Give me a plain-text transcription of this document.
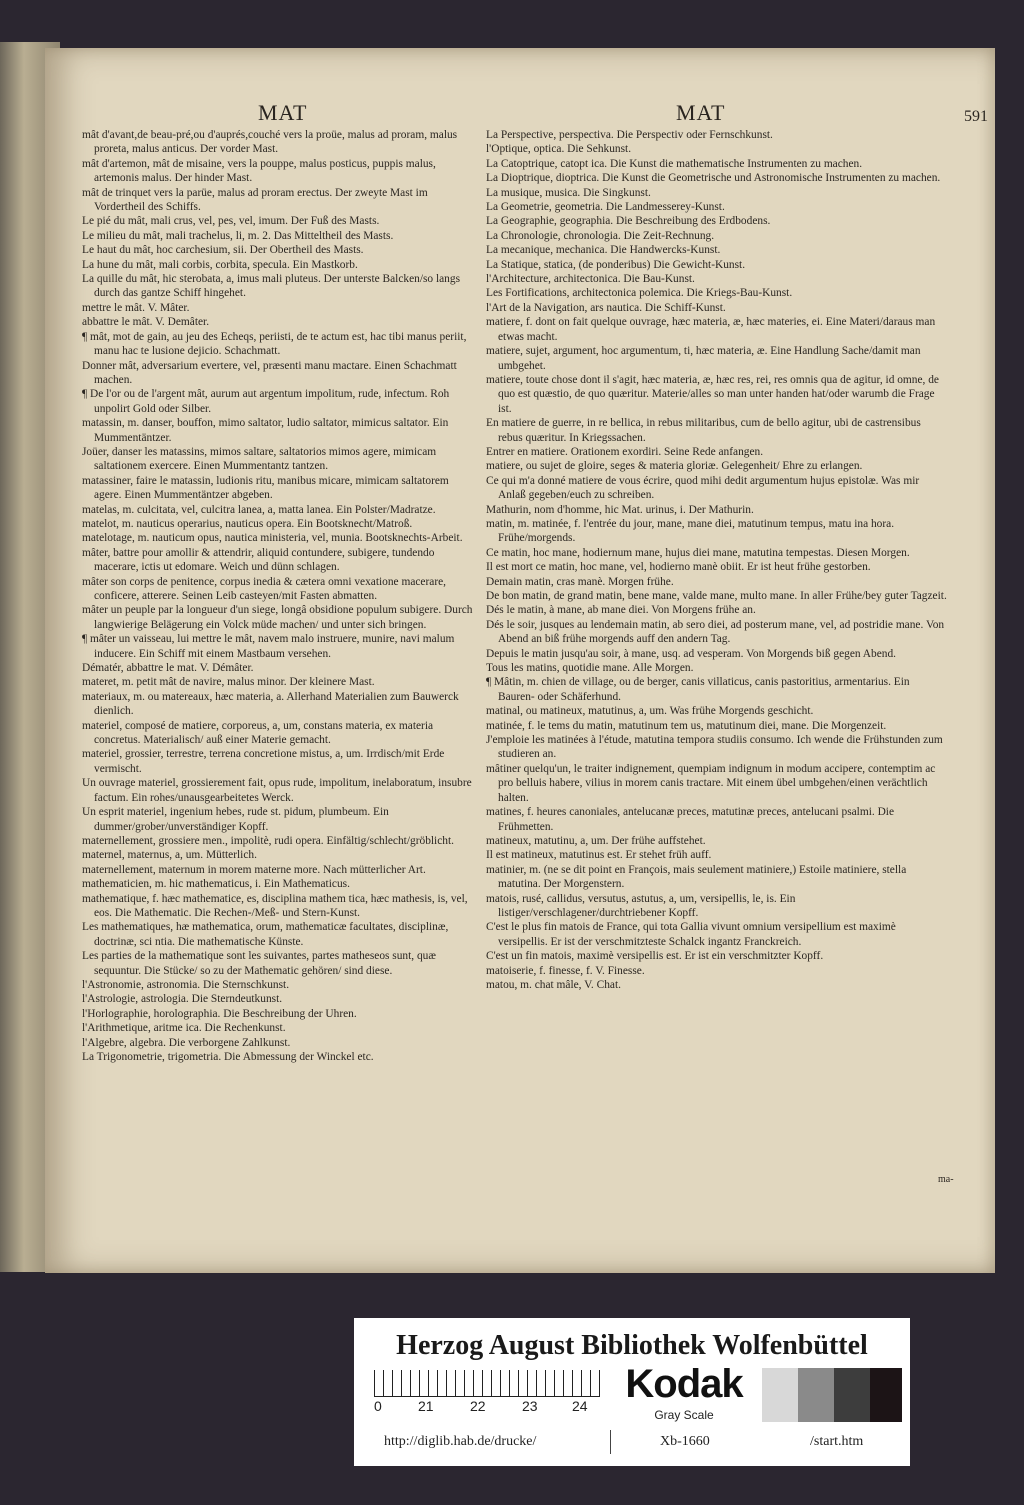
MAT	MAT	591

mât d'avant,de beau-pré,ou d'auprés,couché vers la proüe, malus ad proram, malus proreta, malus anticus. Der vorder Mast.

mât d'artemon, mât de misaine, vers la pouppe, malus posticus, puppis malus, artemonis malus. Der hinder Mast.

mât de trinquet vers la parüe, malus ad proram erectus. Der zweyte Mast im Vordertheil des Schiffs.

Le pié du mât, mali crus, vel, pes, vel, imum. Der Fuß des Masts.

Le milieu du mât, mali trachelus, li, m. 2. Das Mitteltheil des Masts.

Le haut du mât, hoc carchesium, sii. Der Obertheil des Masts.

La hune du mât, mali corbis, corbita, specula. Ein Mastkorb.

La quille du mât, hic sterobata, a, imus mali pluteus. Der unterste Balcken/so langs durch das gantze Schiff hingehet.

mettre le mât. V. Mâter.

abbattre le mât. V. Demâter.

¶ mât, mot de gain, au jeu des Echeqs, periisti, de te actum est, hac tibi manus periit, manu hac te lusione dejicio. Schachmatt.

Donner mât, adversarium evertere, vel, præsenti manu mactare. Einen Schachmatt machen.

¶ De l'or ou de l'argent mât, aurum aut argentum impolitum, rude, infectum. Roh unpolirt Gold oder Silber.

matassin, m. danser, bouffon, mimo saltator, ludio saltator, mimicus saltator. Ein Mummentäntzer.

Joüer, danser les matassins, mimos saltare, saltatorios mimos agere, mimicam saltationem exercere. Einen Mummentantz tantzen.

matassiner, faire le matassin, ludionis ritu, manibus micare, mimicam saltatorem agere. Einen Mummentäntzer abgeben.

matelas, m. culcitata, vel, culcitra lanea, a, matta lanea. Ein Polster/Madratze.

matelot, m. nauticus operarius, nauticus opera. Ein Bootsknecht/Matroß.

matelotage, m. nauticum opus, nautica ministeria, vel, munia. Bootsknechts-Arbeit.

mâter, battre pour amollir & attendrir, aliquid contundere, subigere, tundendo macerare, ictis ut edomare. Weich und dünn schlagen.

mâter son corps de penitence, corpus inedia & cætera omni vexatione macerare, conficere, atterere. Seinen Leib casteyen/mit Fasten abmatten.

mâter un peuple par la longueur d'un siege, longâ obsidione populum subigere. Durch langwierige Belägerung ein Volck müde machen/ und unter sich bringen.

¶ mâter un vaisseau, lui mettre le mât, navem malo instruere, munire, navi malum inducere. Ein Schiff mit einem Mastbaum versehen.

Dématér, abbattre le mat. V. Démâter.

materet, m. petit mât de navire, malus minor. Der kleinere Mast.

materiaux, m. ou matereaux, hæc materia, a. Allerhand Materialien zum Bauwerck dienlich.

materiel, composé de matiere, corporeus, a, um, constans materia, ex materia concretus. Materialisch/ auß einer Materie gemacht.

materiel, grossier, terrestre, terrena concretione mistus, a, um. Irrdisch/mit Erde vermischt.

Un ouvrage materiel, grossierement fait, opus rude, impolitum, inelaboratum, insubre factum. Ein rohes/unausgearbeitetes Werck.

Un esprit materiel, ingenium hebes, rude st. pidum, plumbeum. Ein dummer/grober/unverständiger Kopff.

maternellement, grossiere men., impolitè, rudi opera. Einfältig/schlecht/gröblicht.

maternel, maternus, a, um. Mütterlich.

maternellement, maternum in morem materne more. Nach mütterlicher Art.

mathematicien, m. hic mathematicus, i. Ein Mathematicus.

mathematique, f. hæc mathematice, es, disciplina mathem tica, hæc mathesis, is, vel, eos. Die Mathematic. Die Rechen-/Meß- und Stern-Kunst.

Les mathematiques, hæ mathematica, orum, mathematicæ facultates, disciplinæ, doctrinæ, sci ntia. Die mathematische Künste.

Les parties de la mathematique sont les suivantes, partes matheseos sunt, quæ sequuntur. Die Stücke/ so zu der Mathematic gehören/ sind diese.

l'Astronomie, astronomia. Die Sternschkunst.

l'Astrologie, astrologia. Die Sterndeutkunst.

l'Horlographie, horolographia. Die Beschreibung der Uhren.

l'Arithmetique, aritme ica. Die Rechenkunst.

l'Algebre, algebra. Die verborgene Zahlkunst.

La Trigonometrie, trigometria. Die Abmessung der Winckel etc.

La Perspective, perspectiva. Die Perspectiv oder Fernschkunst.

l'Optique, optica. Die Sehkunst.

La Catoptrique, catopt ica. Die Kunst die mathematische Instrumenten zu machen.

La Dioptrique, dioptrica. Die Kunst die Geometrische und Astronomische Instrumenten zu machen.

La musique, musica. Die Singkunst.

La Geometrie, geometria. Die Landmesserey-Kunst.

La Geographie, geographia. Die Beschreibung des Erdbodens.

La Chronologie, chronologia. Die Zeit-Rechnung.

La mecanique, mechanica. Die Handwercks-Kunst.

La Statique, statica, (de ponderibus) Die Gewicht-Kunst.

l'Architecture, architectonica. Die Bau-Kunst.

Les Fortifications, architectonica polemica. Die Kriegs-Bau-Kunst.

l'Art de la Navigation, ars nautica. Die Schiff-Kunst.

matiere, f. dont on fait quelque ouvrage, hæc materia, æ, hæc materies, ei. Eine Materi/daraus man etwas macht.

matiere, sujet, argument, hoc argumentum, ti, hæc materia, æ. Eine Handlung Sache/damit man umbgehet.

matiere, toute chose dont il s'agit, hæc materia, æ, hæc res, rei, res omnis qua de agitur, id omne, de quo est quæstio, de quo quæritur. Materie/alles so man unter handen hat/oder warumb die Frage ist.

En matiere de guerre, in re bellica, in rebus militaribus, cum de bello agitur, ubi de castrensibus rebus quæritur. In Kriegssachen.

Entrer en matiere. Orationem exordiri. Seine Rede anfangen.

matiere, ou sujet de gloire, seges & materia gloriæ. Gelegenheit/ Ehre zu erlangen.

Ce qui m'a donné matiere de vous écrire, quod mihi dedit argumentum hujus epistolæ. Was mir Anlaß gegeben/euch zu schreiben.

Mathurin, nom d'homme, hic Mat. urinus, i. Der Mathurin.

matin, m. matinée, f. l'entrée du jour, mane, mane diei, matutinum tempus, matu ina hora. Frühe/morgends.

Ce matin, hoc mane, hodiernum mane, hujus diei mane, matutina tempestas. Diesen Morgen.

Il est mort ce matin, hoc mane, vel, hodierno manè obiit. Er ist heut frühe gestorben.

Demain matin, cras manè. Morgen frühe.

De bon matin, de grand matin, bene mane, valde mane, multo mane. In aller Frühe/bey guter Tagzeit.

Dés le matin, à mane, ab mane diei. Von Morgens frühe an.

Dés le soir, jusques au lendemain matin, ab sero diei, ad posterum mane, vel, ad postridie mane. Von Abend an biß frühe morgends auff den andern Tag.

Depuis le matin jusqu'au soir, à mane, usq. ad vesperam. Von Morgends biß gegen Abend.

Tous les matins, quotidie mane. Alle Morgen.

¶ Mâtin, m. chien de village, ou de berger, canis villaticus, canis pastoritius, armentarius. Ein Bauren- oder Schäferhund.

matinal, ou matineux, matutinus, a, um. Was frühe Morgends geschicht.

matinée, f. le tems du matin, matutinum tem us, matutinum diei, mane. Die Morgenzeit.

J'emploie les matinées à l'étude, matutina tempora studiis consumo. Ich wende die Frühstunden zum studieren an.

mâtiner quelqu'un, le traiter indignement, quempiam indignum in modum accipere, contemptim ac pro belluis habere, vilius in morem canis tractare. Mit einem übel umbgehen/einen verächtlich halten.

matines, f. heures canoniales, antelucanæ preces, matutinæ preces, antelucani psalmi. Die Frühmetten.

matineux, matutinu, a, um. Der frühe auffstehet.

Il est matineux, matutinus est. Er stehet früh auff.

matinier, m. (ne se dit point en François, mais seulement matiniere,) Estoile matiniere, stella matutina. Der Morgenstern.

matois, rusé, callidus, versutus, astutus, a, um, versipellis, le, is. Ein listiger/verschlagener/durchtriebener Kopff.

C'est le plus fin matois de France, qui tota Gallia vivunt omnium versipellium est maximè versipellis. Er ist der verschmitzteste Schalck ingantz Franckreich.

C'est un fin matois, maximè versipellis est. Er ist ein verschmitzter Kopff.

matoiserie, f. finesse, f. V. Finesse.

matou, m. chat mâle, V. Chat.

ma-
Herzog August Bibliothek Wolfenbüttel
0	21	22	23 24 Kodak
Gray Scale
http://diglib.hab.de/drucke/	Xb-1660	/start.htm
